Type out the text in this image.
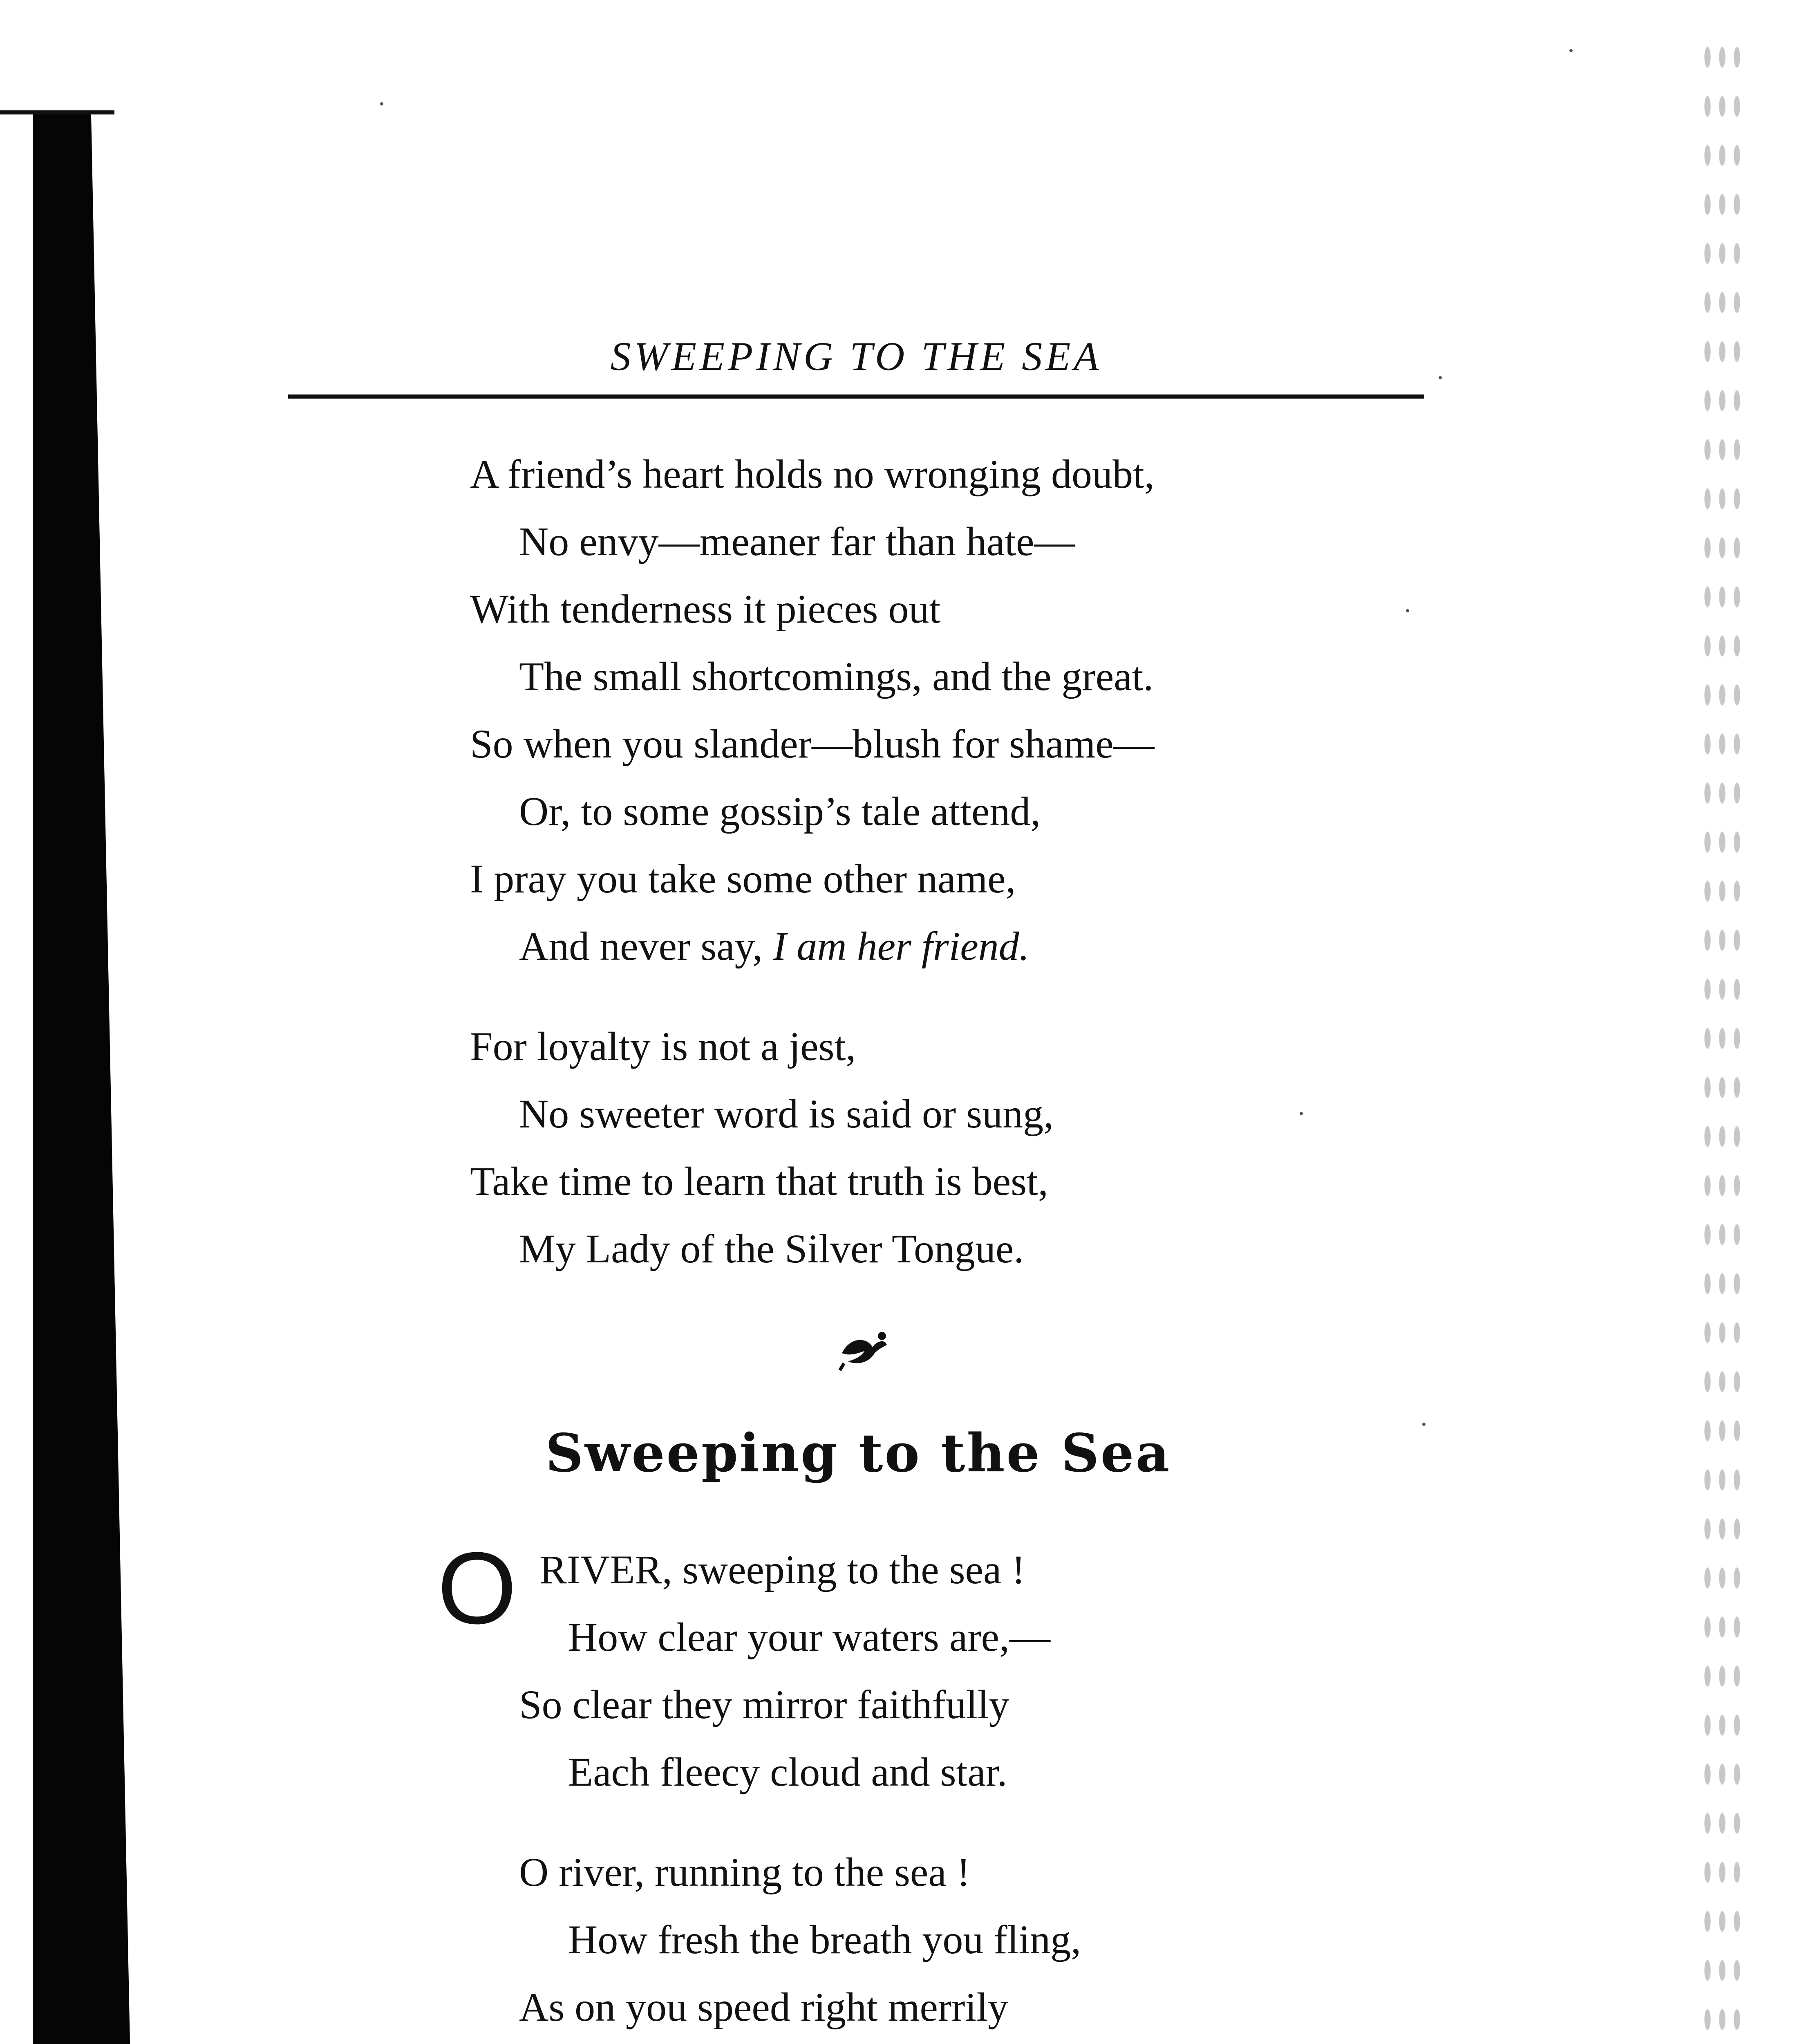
SWEEPING TO THE SEA
A friend’s heart holds no wronging doubt,
No envy—meaner far than hate—
With tenderness it pieces out
The small shortcomings, and the great.
So when you slander—blush for shame—
Or, to some gossip’s tale attend,
I pray you take some other name,
And never say, I am her friend.
For loyalty is not a jest,
No sweeter word is said or sung,
Take time to learn that truth is best,
My Lady of the Silver Tongue.
Sweeping to the Sea
O RIVER, sweeping to the sea !
How clear your waters are,—
So clear they mirror faithfully
Each fleecy cloud and star.
O river, running to the sea !
How fresh the breath you fling,
As on you speed right merrily
